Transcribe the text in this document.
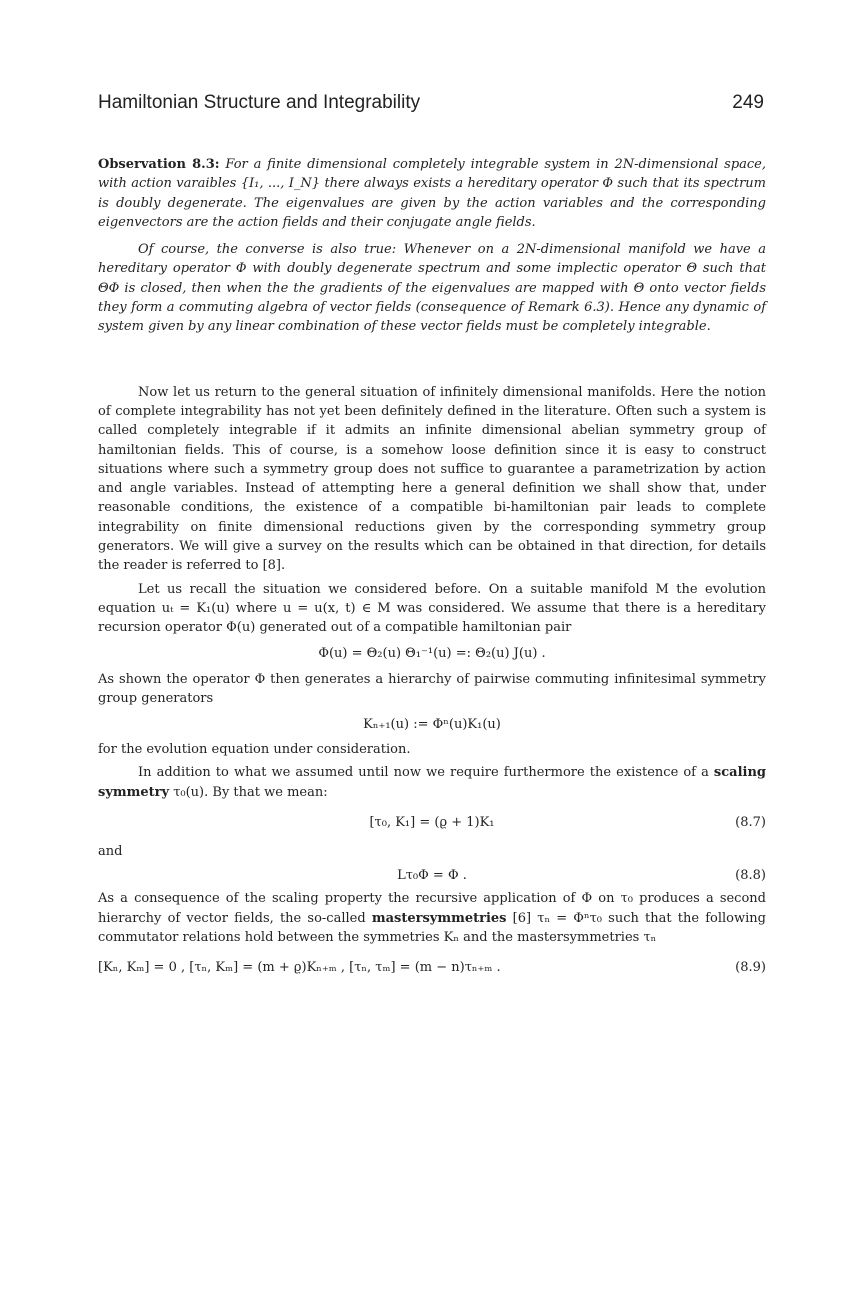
Hamiltonian Structure and Integrability	249

Observation 8.3: For a finite dimensional completely integrable system in 2N-dimensional space, with action varaibles {I₁, ..., I_N} there always exists a hereditary operator Φ such that its spectrum is doubly degenerate. The eigenvalues are given by the action variables and the corresponding eigenvectors are the action fields and their conjugate angle fields.

Of course, the converse is also true: Whenever on a 2N-dimensional manifold we have a hereditary operator Φ with doubly degenerate spectrum and some implectic operator Θ such that ΘΦ is closed, then when the the gradients of the eigenvalues are mapped with Θ onto vector fields they form a commuting algebra of vector fields (consequence of Remark 6.3). Hence any dynamic of system given by any linear combination of these vector fields must be completely integrable.

Now let us return to the general situation of infinitely dimensional manifolds. Here the notion of complete integrability has not yet been definitely defined in the literature. Often such a system is called completely integrable if it admits an infinite dimensional abelian symmetry group of hamiltonian fields. This of course, is a somehow loose definition since it is easy to construct situations where such a symmetry group does not suffice to guarantee a parametrization by action and angle variables. Instead of attempting here a general definition we shall show that, under reasonable conditions, the existence of a compatible bi-hamiltonian pair leads to complete integrability on finite dimensional reductions given by the corresponding symmetry group generators. We will give a survey on the results which can be obtained in that direction, for details the reader is referred to [8].

Let us recall the situation we considered before. On a suitable manifold M the evolution equation uₜ = K₁(u) where u = u(x, t) ∈ M was considered. We assume that there is a hereditary recursion operator Φ(u) generated out of a compatible hamiltonian pair

Φ(u) = Θ₂(u) Θ₁⁻¹(u) =: Θ₂(u) J(u) .

As shown the operator Φ then generates a hierarchy of pairwise commuting infinitesimal symmetry group generators

Kₙ₊₁(u) := Φⁿ(u)K₁(u)

for the evolution equation under consideration.

In addition to what we assumed until now we require furthermore the existence of a scaling symmetry τ₀(u). By that we mean:

[τ₀, K₁] = (ϱ + 1)K₁	(8.7)

and

Lτ₀Φ = Φ .	(8.8)

As a consequence of the scaling property the recursive application of Φ on τ₀ produces a second hierarchy of vector fields, the so-called mastersymmetries [6] τₙ = Φⁿτ₀ such that the following commutator relations hold between the symmetries Kₙ and the mastersymmetries τₙ

[Kₙ, Kₘ] = 0 , [τₙ, Kₘ] = (m + ϱ)Kₙ₊ₘ , [τₙ, τₘ] = (m − n)τₙ₊ₘ .	(8.9)
